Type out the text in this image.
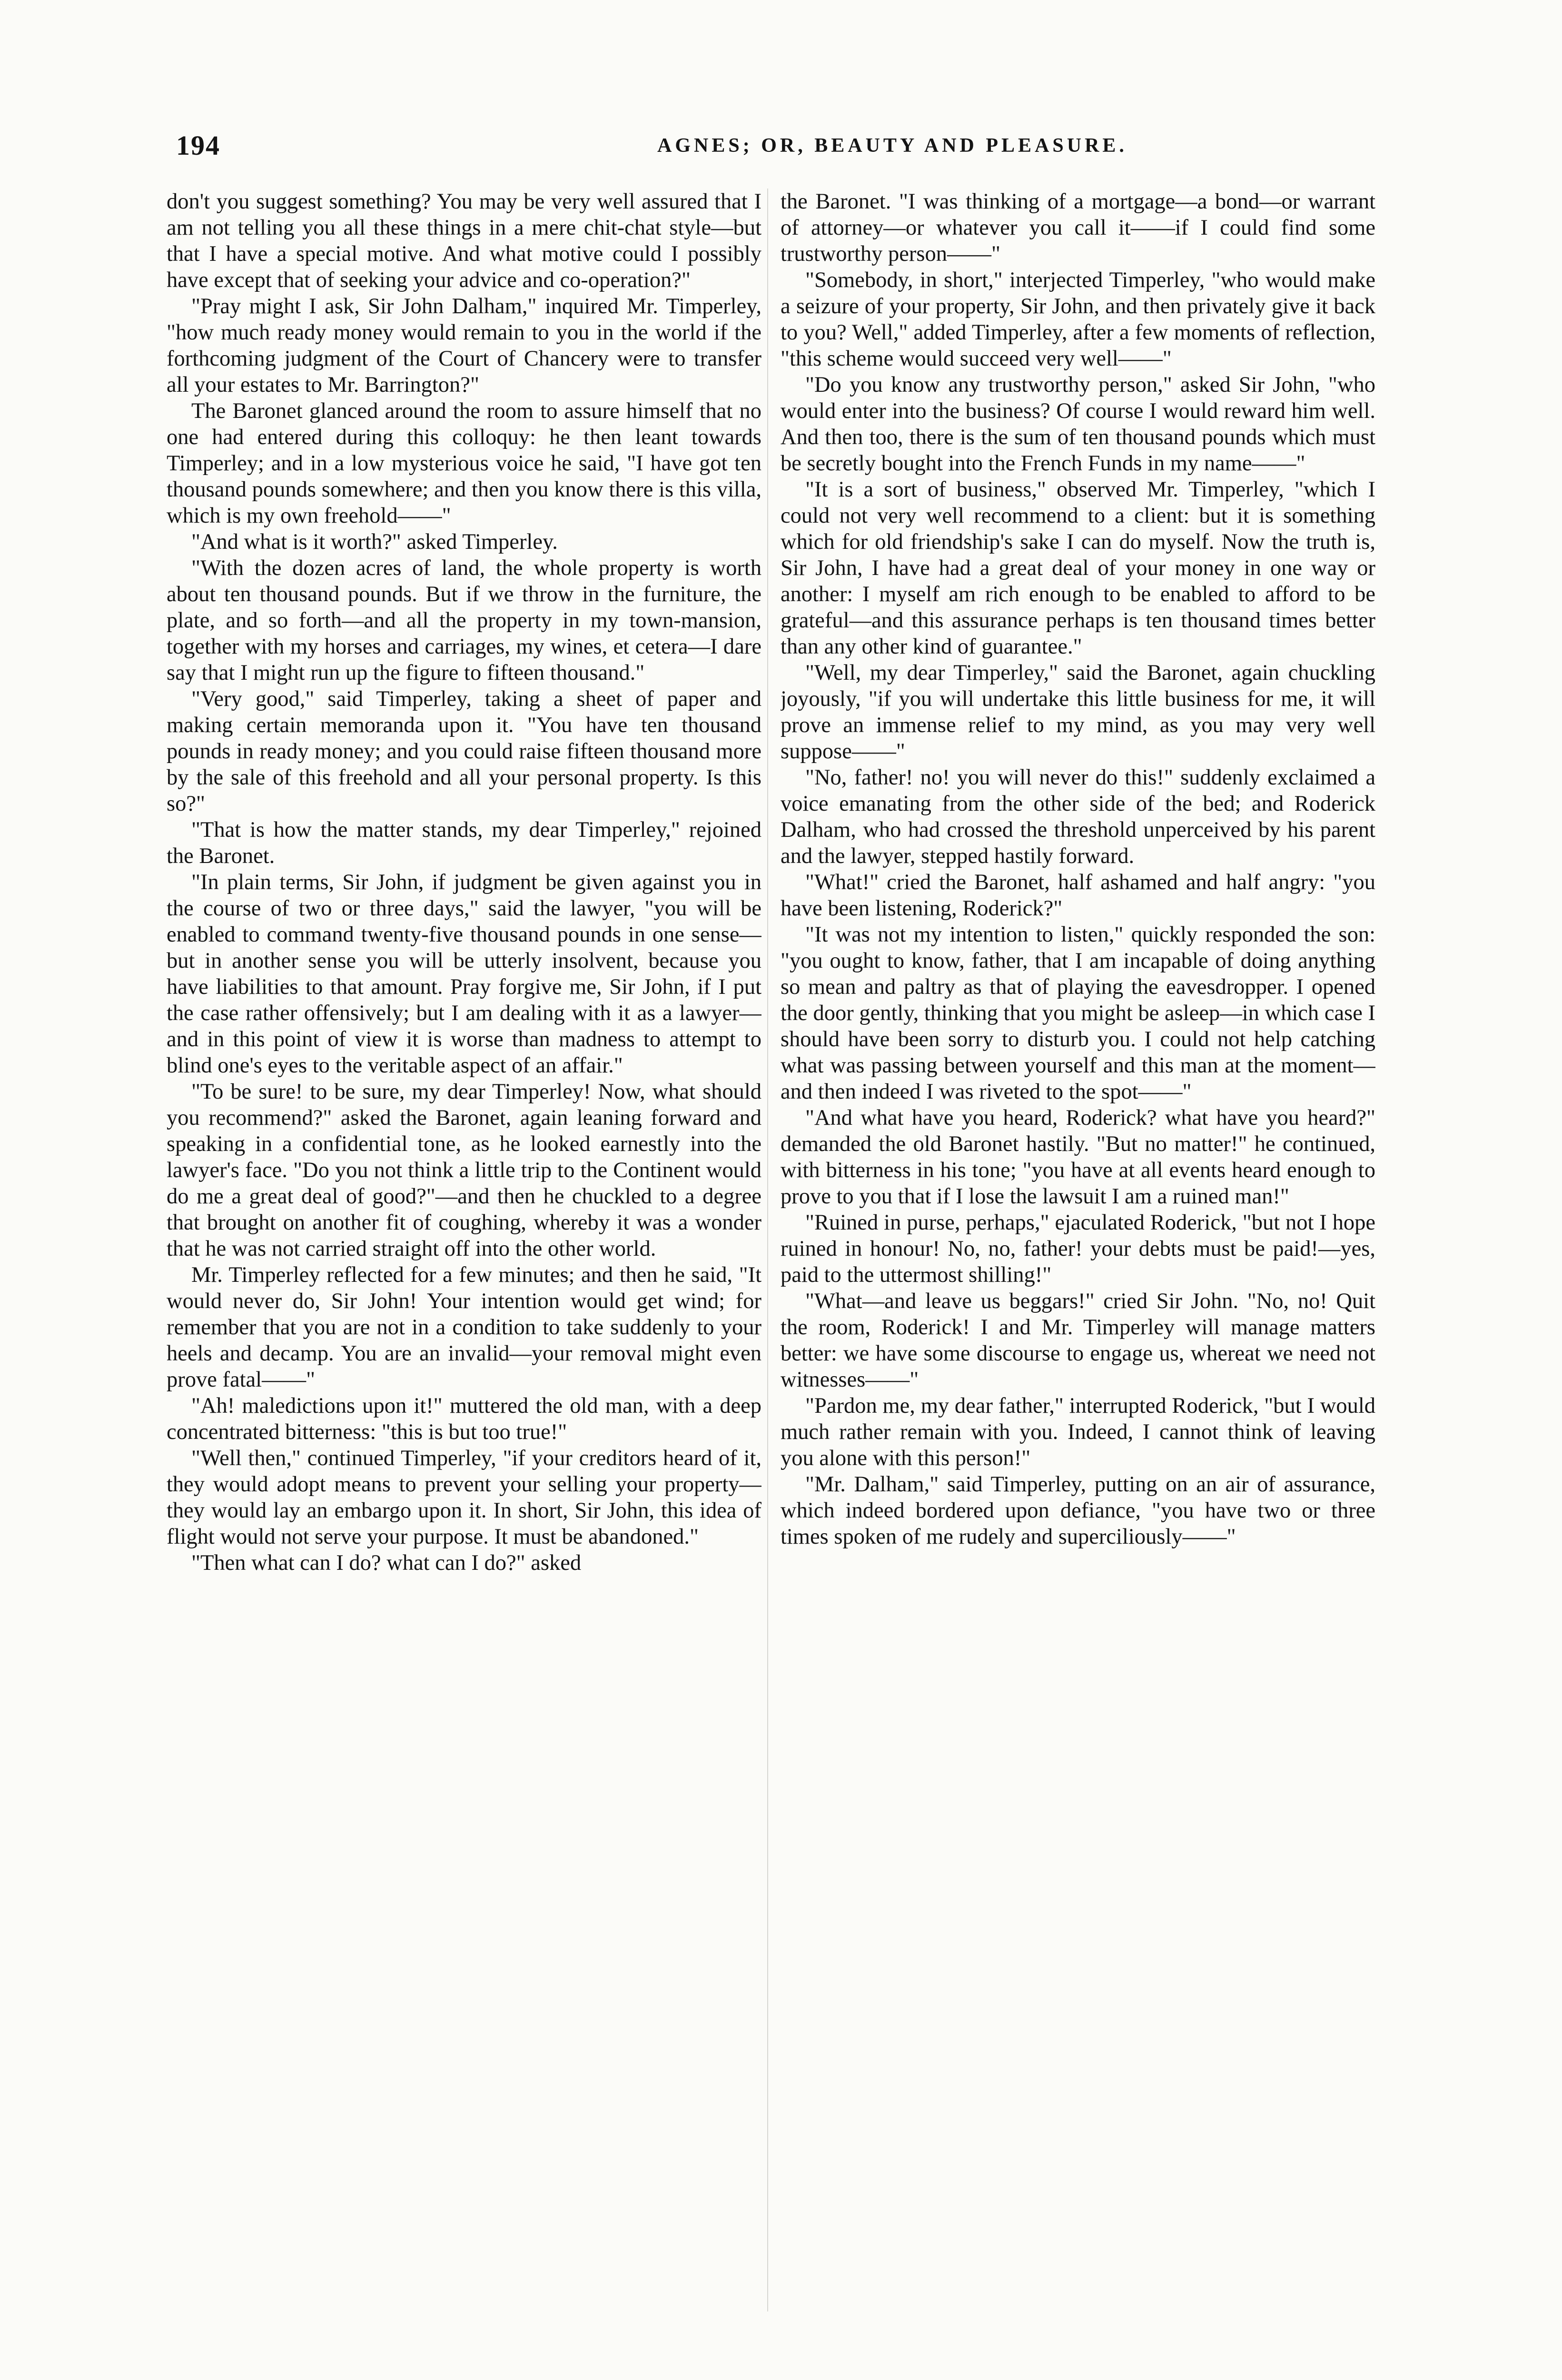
194	AGNES; OR, BEAUTY AND PLEASURE.

don't you suggest something? You may be very well assured that I am not telling you all these things in a mere chit-chat style—but that I have a special motive. And what motive could I possibly have except that of seeking your advice and co-operation?"

"Pray might I ask, Sir John Dalham," inquired Mr. Timperley, "how much ready money would remain to you in the world if the forthcoming judgment of the Court of Chancery were to transfer all your estates to Mr. Barrington?"

The Baronet glanced around the room to assure himself that no one had entered during this colloquy: he then leant towards Timperley; and in a low mysterious voice he said, "I have got ten thousand pounds somewhere; and then you know there is this villa, which is my own freehold——"

"And what is it worth?" asked Timperley.

"With the dozen acres of land, the whole property is worth about ten thousand pounds. But if we throw in the furniture, the plate, and so forth—and all the property in my town-mansion, together with my horses and carriages, my wines, et cetera—I dare say that I might run up the figure to fifteen thousand."

"Very good," said Timperley, taking a sheet of paper and making certain memoranda upon it. "You have ten thousand pounds in ready money; and you could raise fifteen thousand more by the sale of this freehold and all your personal property. Is this so?"

"That is how the matter stands, my dear Timperley," rejoined the Baronet.

"In plain terms, Sir John, if judgment be given against you in the course of two or three days," said the lawyer, "you will be enabled to command twenty-five thousand pounds in one sense—but in another sense you will be utterly insolvent, because you have liabilities to that amount. Pray forgive me, Sir John, if I put the case rather offensively; but I am dealing with it as a lawyer—and in this point of view it is worse than madness to attempt to blind one's eyes to the veritable aspect of an affair."

"To be sure! to be sure, my dear Timperley! Now, what should you recommend?" asked the Baronet, again leaning forward and speaking in a confidential tone, as he looked earnestly into the lawyer's face. "Do you not think a little trip to the Continent would do me a great deal of good?"—and then he chuckled to a degree that brought on another fit of coughing, whereby it was a wonder that he was not carried straight off into the other world.

Mr. Timperley reflected for a few minutes; and then he said, "It would never do, Sir John! Your intention would get wind; for remember that you are not in a condition to take suddenly to your heels and decamp. You are an invalid—your removal might even prove fatal——"

"Ah! maledictions upon it!" muttered the old man, with a deep concentrated bitterness: "this is but too true!"

"Well then," continued Timperley, "if your creditors heard of it, they would adopt means to prevent your selling your property—they would lay an embargo upon it. In short, Sir John, this idea of flight would not serve your purpose. It must be abandoned."

"Then what can I do? what can I do?" asked

the Baronet. "I was thinking of a mortgage—a bond—or warrant of attorney—or whatever you call it——if I could find some trustworthy person——"

"Somebody, in short," interjected Timperley, "who would make a seizure of your property, Sir John, and then privately give it back to you? Well," added Timperley, after a few moments of reflection, "this scheme would succeed very well——"

"Do you know any trustworthy person," asked Sir John, "who would enter into the business? Of course I would reward him well. And then too, there is the sum of ten thousand pounds which must be secretly bought into the French Funds in my name——"

"It is a sort of business," observed Mr. Timperley, "which I could not very well recommend to a client: but it is something which for old friendship's sake I can do myself. Now the truth is, Sir John, I have had a great deal of your money in one way or another: I myself am rich enough to be enabled to afford to be grateful—and this assurance perhaps is ten thousand times better than any other kind of guarantee."

"Well, my dear Timperley," said the Baronet, again chuckling joyously, "if you will undertake this little business for me, it will prove an immense relief to my mind, as you may very well suppose——"

"No, father! no! you will never do this!" suddenly exclaimed a voice emanating from the other side of the bed; and Roderick Dalham, who had crossed the threshold unperceived by his parent and the lawyer, stepped hastily forward.

"What!" cried the Baronet, half ashamed and half angry: "you have been listening, Roderick?"

"It was not my intention to listen," quickly responded the son: "you ought to know, father, that I am incapable of doing anything so mean and paltry as that of playing the eavesdropper. I opened the door gently, thinking that you might be asleep—in which case I should have been sorry to disturb you. I could not help catching what was passing between yourself and this man at the moment—and then indeed I was riveted to the spot——"

"And what have you heard, Roderick? what have you heard?" demanded the old Baronet hastily. "But no matter!" he continued, with bitterness in his tone; "you have at all events heard enough to prove to you that if I lose the lawsuit I am a ruined man!"

"Ruined in purse, perhaps," ejaculated Roderick, "but not I hope ruined in honour! No, no, father! your debts must be paid!—yes, paid to the uttermost shilling!"

"What—and leave us beggars!" cried Sir John. "No, no! Quit the room, Roderick! I and Mr. Timperley will manage matters better: we have some discourse to engage us, whereat we need not witnesses——"

"Pardon me, my dear father," interrupted Roderick, "but I would much rather remain with you. Indeed, I cannot think of leaving you alone with this person!"

"Mr. Dalham," said Timperley, putting on an air of assurance, which indeed bordered upon defiance, "you have two or three times spoken of me rudely and superciliously——"
